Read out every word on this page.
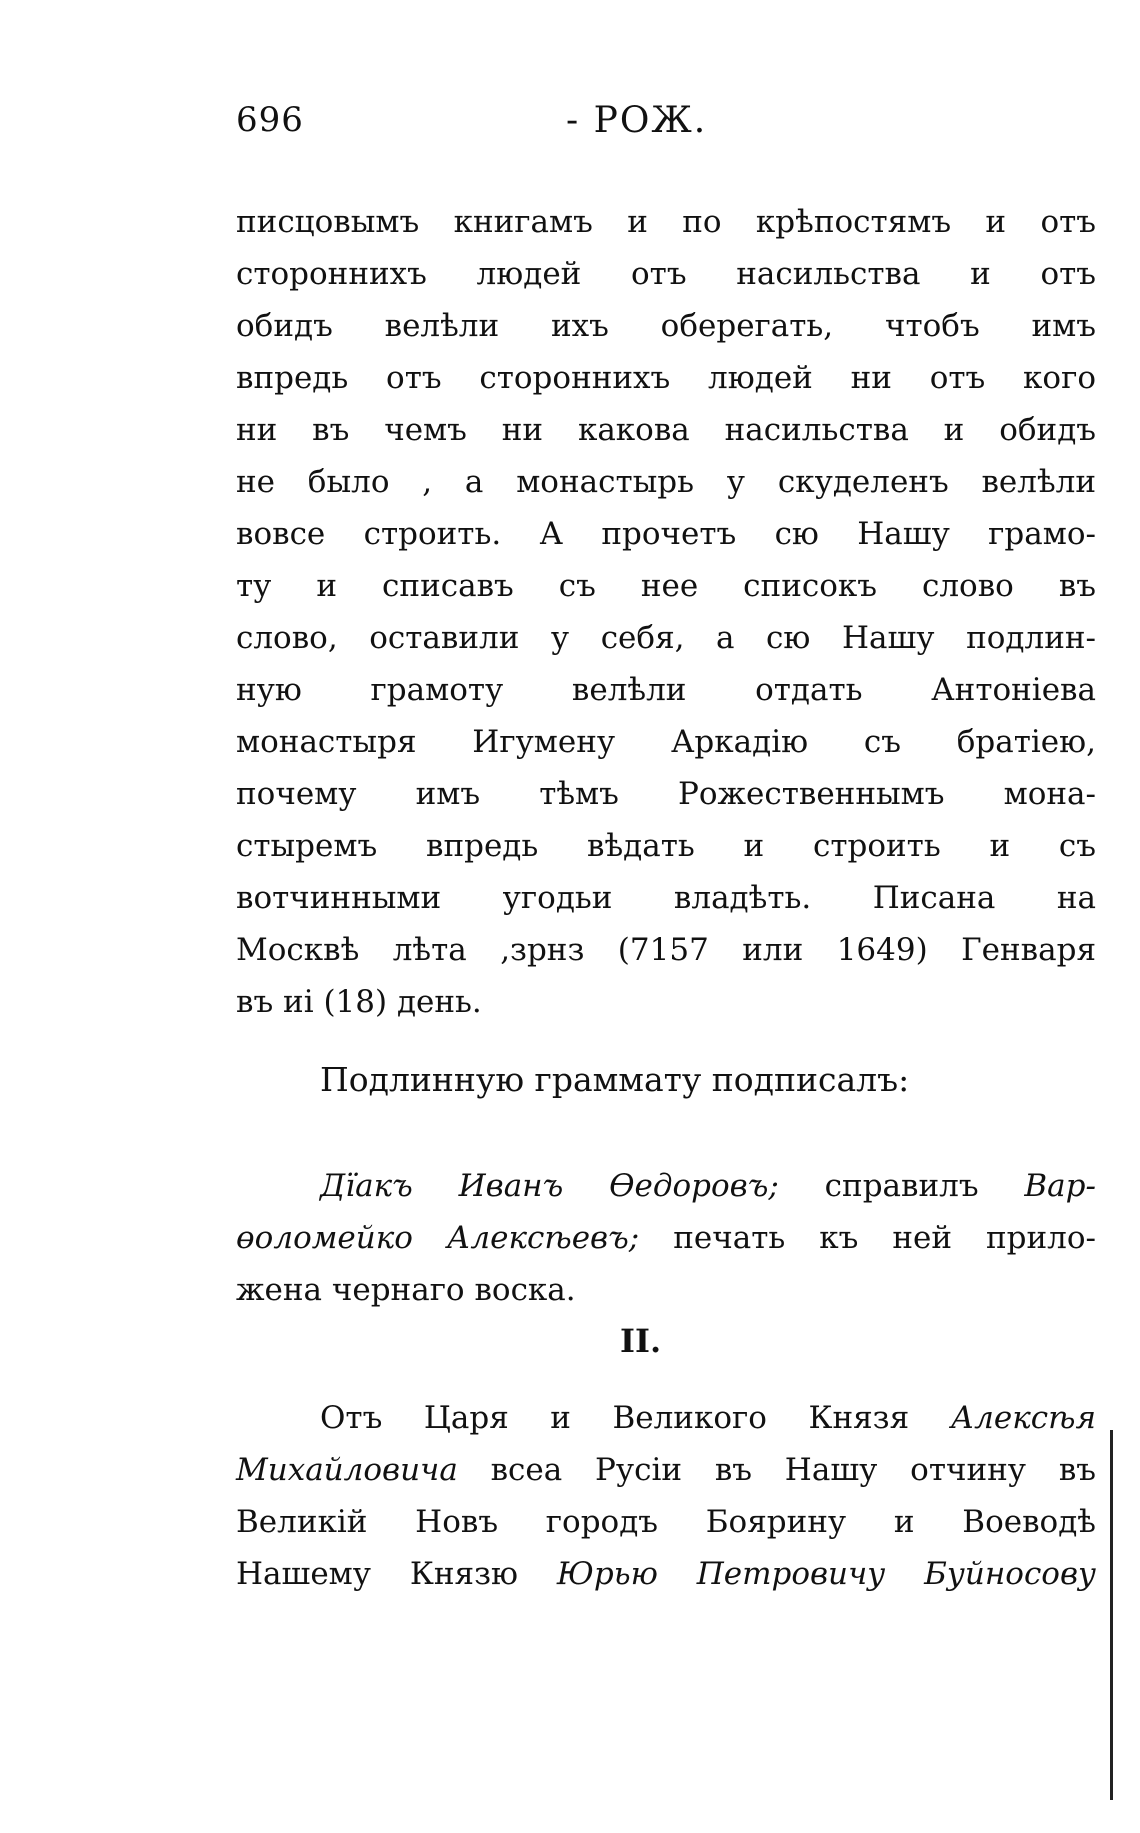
696	- РОЖ.
писцовымъ книгамъ и по крѣпостямъ и отъ
стороннихъ людей отъ насильства и отъ
обидъ велѣли ихъ оберегать, чтобъ имъ
впредь отъ стороннихъ людей ни отъ кого
ни въ чемъ ни какова насильства и обидъ
не было , а монастырь у скуделенъ велѣли
вовсе строить. А прочетъ сю Нашу грамо-
ту и списавъ съ нее списокъ слово въ
слово, оставили у себя, а сю Нашу подлин-
ную грамоту велѣли отдать Антоніева
монастыря Игумену Аркадію съ братіею,
почему имъ тѣмъ Рожественнымъ мона-
стыремъ впредь вѣдать и строить и съ
вотчинными угодьи владѣть. Писана на
Москвѣ лѣта ,зрнз (7157 или 1649) Генваря
въ иі (18) день.
Подлинную граммату подписалъ:
Дїакъ Иванъ Өедоровъ; справилъ Вар-
өоломейко Алексѣевъ; печать къ ней прило-
жена чернаго воска.
II.
Отъ Царя и Великого Князя Алексѣя
Михайловича всеа Русіи въ Нашу отчину въ
Великій Новъ городъ Боярину и Воеводѣ
Нашему Князю Юрью Петровичу Буйносову
